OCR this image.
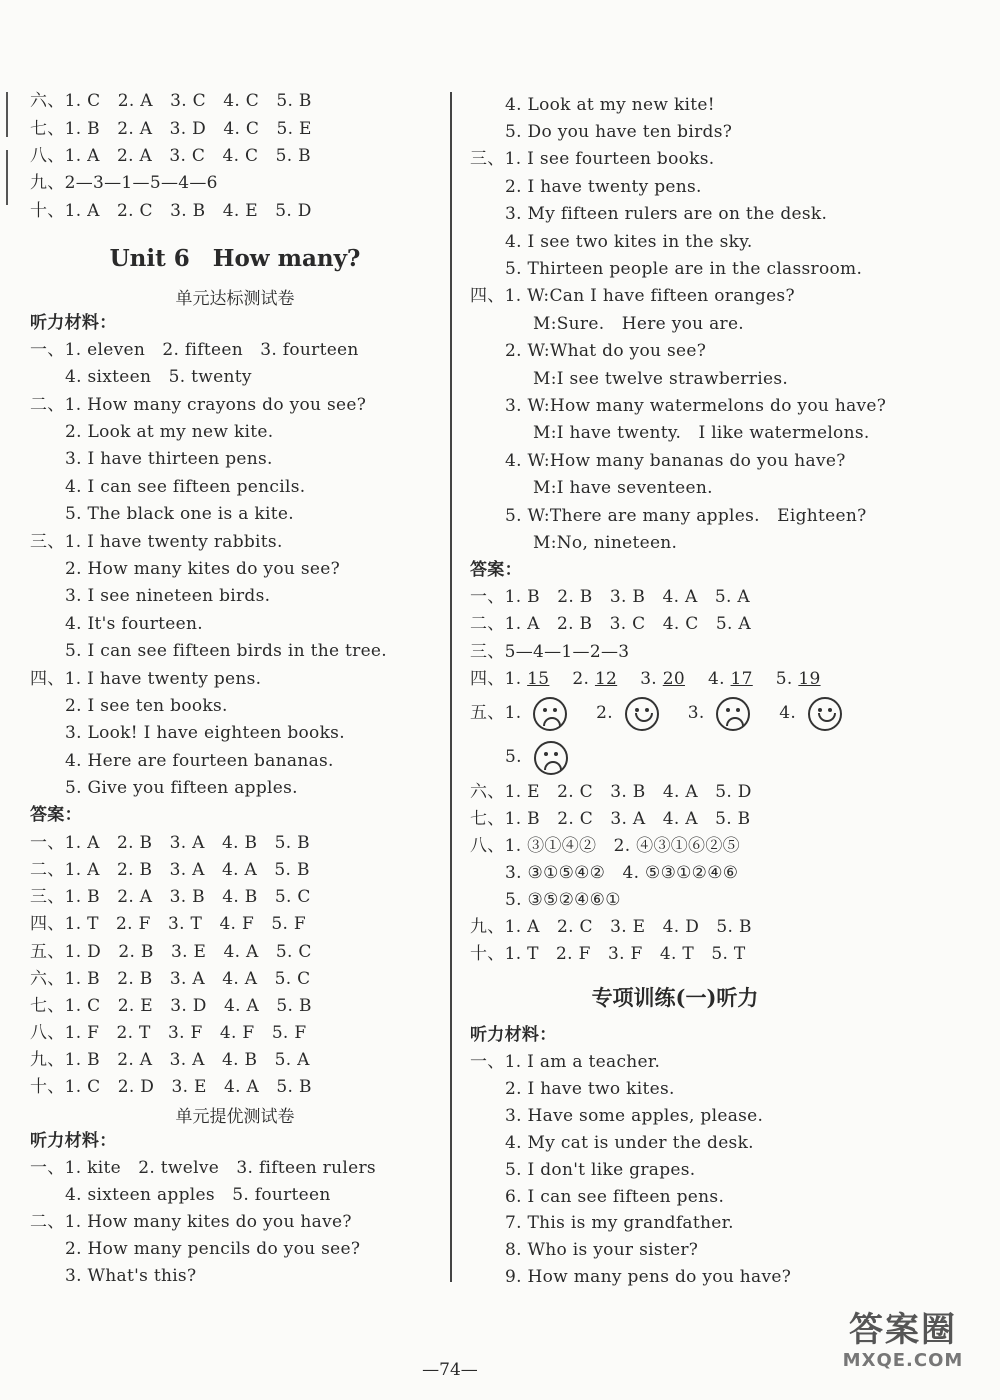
六、1. C　2. A　3. C　4. C　5. B
七、1. B　2. A　3. D　4. C　5. E
八、1. A　2. A　3. C　4. C　5. B
九、2—3—1—5—4—6
十、1. A　2. C　3. B　4. E　5. D
Unit 6　How many?
单元达标测试卷
听力材料：
一、1. eleven　2. fifteen　3. fourteen
4. sixteen　5. twenty
二、1. How many crayons do you see?
2. Look at my new kite.
3. I have thirteen pens.
4. I can see fifteen pencils.
5. The black one is a kite.
三、1. I have twenty rabbits.
2. How many kites do you see?
3. I see nineteen birds.
4. It's fourteen.
5. I can see fifteen birds in the tree.
四、1. I have twenty pens.
2. I see ten books.
3. Look! I have eighteen books.
4. Here are fourteen bananas.
5. Give you fifteen apples.
答案：
一、1. A　2. B　3. A　4. B　5. B
二、1. A　2. B　3. A　4. A　5. B
三、1. B　2. A　3. B　4. B　5. C
四、1. T　2. F　3. T　4. F　5. F
五、1. D　2. B　3. E　4. A　5. C
六、1. B　2. B　3. A　4. A　5. C
七、1. C　2. E　3. D　4. A　5. B
八、1. F　2. T　3. F　4. F　5. F
九、1. B　2. A　3. A　4. B　5. A
十、1. C　2. D　3. E　4. A　5. B
单元提优测试卷
听力材料：
一、1. kite　2. twelve　3. fifteen rulers
4. sixteen apples　5. fourteen
二、1. How many kites do you have?
2. How many pencils do you see?
3. What's this?
4. Look at my new kite!
5. Do you have ten birds?
三、1. I see fourteen books.
2. I have twenty pens.
3. My fifteen rulers are on the desk.
4. I see two kites in the sky.
5. Thirteen people are in the classroom.
四、1. W:Can I have fifteen oranges?
M:Sure.　Here you are.
2. W:What do you see?
M:I see twelve strawberries.
3. W:How many watermelons do you have?
M:I have twenty.　I like watermelons.
4. W:How many bananas do you have?
M:I have seventeen.
5. W:There are many apples.　Eighteen?
M:No, nineteen.
答案：
一、1. B　2. B　3. B　4. A　5. A
二、1. A　2. B　3. C　4. C　5. A
三、5—4—1—2—3
四、1. 15　 2. 12　 3. 20　 4. 17　 5. 19
五、1.
　	2.
　	3.
　	4.
5.
六、1. E　2. C　3. B　4. A　5. D
七、1. B　2. C　3. A　4. A　5. B
八、1. ③①④②　2. ④③①⑥②⑤
3. ③①⑤④②　4. ⑤③①②④⑥
5. ③⑤②④⑥①
九、1. A　2. C　3. E　4. D　5. B
十、1. T　2. F　3. F　4. T　5. T
专项训练(一)听力
听力材料：
一、1. I am a teacher.
2. I have two kites.
3. Have some apples, please.
4. My cat is under the desk.
5. I don't like grapes.
6. I can see fifteen pens.
7. This is my grandfather.
8. Who is your sister?
9. How many pens do you have?
—74—
答案圈
MXQE.COM
